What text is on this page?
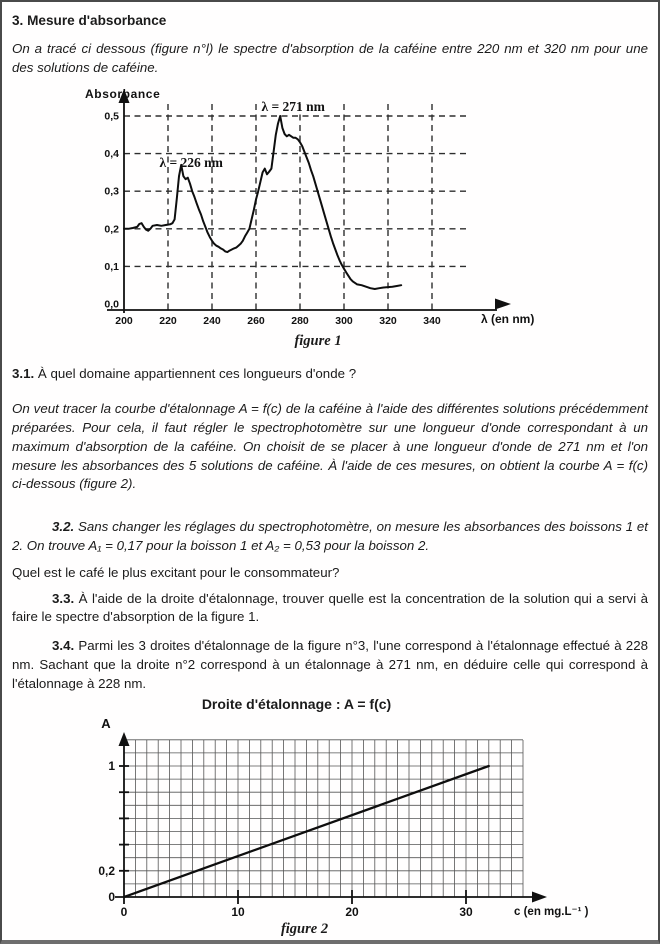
3. Mesure d'absorbance

On a tracé ci dessous (figure n°l) le spectre d'absorption de la caféine entre 220 nm et 320 nm pour une des solutions de caféine.

Absorbance
0,0
0,1
0,2
0,3
0,4
0,5
200	220	240	260	280	300	320	340	λ (en nm)
λ = 226 nm
λ = 271 nm
figure 1

3.1. À quel domaine appartiennent ces longueurs d'onde ?

On veut tracer la courbe d'étalonnage A = f(c) de la caféine à l'aide des différentes solutions précédemment préparées. Pour cela, il faut régler le spectrophotomètre sur une longueur d'onde correspondant à un maximum d'absorption de la caféine. On choisit de se placer à une longueur d'onde de 271 nm et l'on mesure les absorbances des 5 solutions de caféine. À l'aide de ces mesures, on obtient la courbe A = f(c) ci-dessous (figure 2).

3.2. Sans changer les réglages du spectrophotomètre, on mesure les absorbances des boissons 1 et 2. On trouve A₁ = 0,17 pour la boisson 1 et A₂ = 0,53 pour la boisson 2.

Quel est le café le plus excitant pour le consommateur?

3.3. À l'aide de la droite d'étalonnage, trouver quelle est la concentration de la solution qui a servi à faire le spectre d'absorption de la figure 1.

3.4. Parmi les 3 droites d'étalonnage de la figure n°3, l'une correspond à l'étalonnage effectué à 228 nm. Sachant que la droite n°2 correspond à un étalonnage à 271 nm, en déduire celle qui correspond à l'étalonnage à 228 nm.

Droite d'étalonnage : A = f(c)
A
0	10	20	30
0
0,2
1
c (en mg.L⁻¹ )
figure 2
